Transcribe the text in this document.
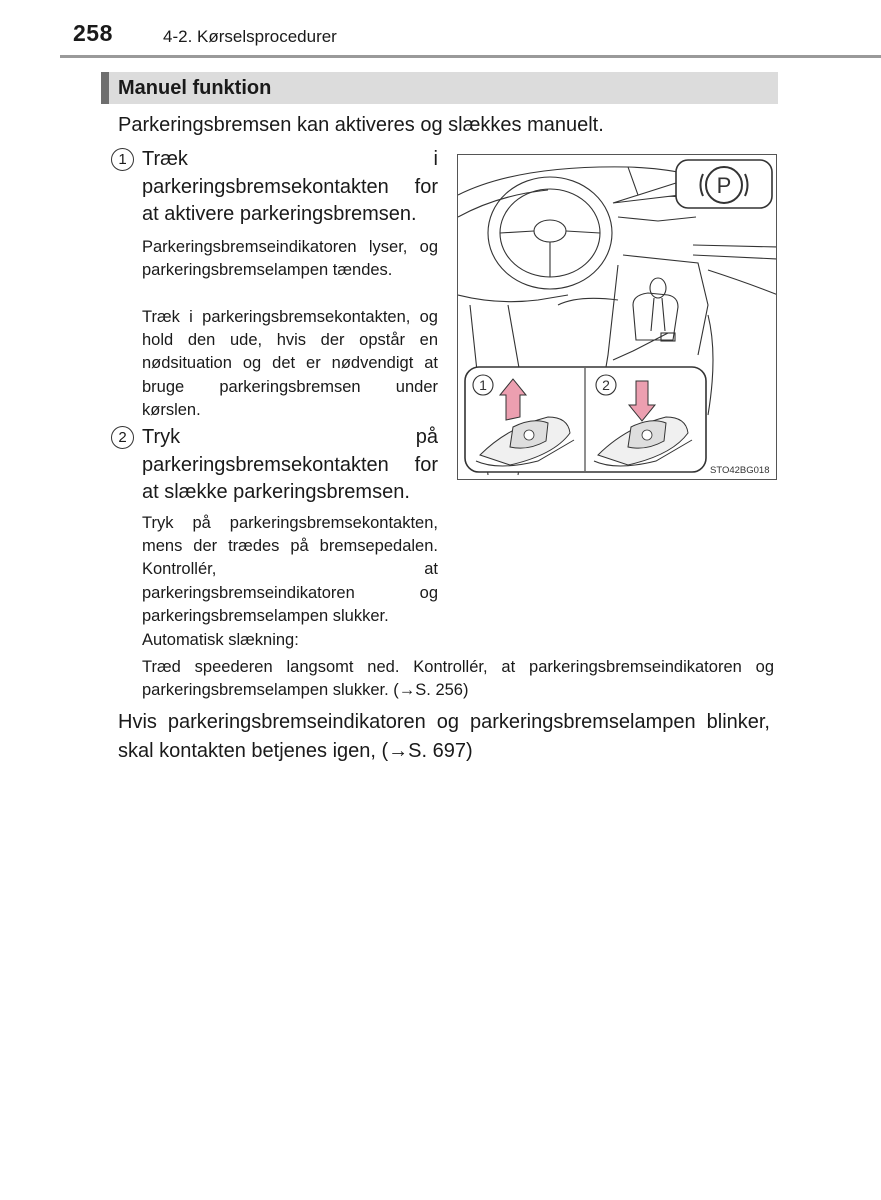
258	4-2. Kørselsprocedurer
Manuel funktion
Parkeringsbremsen kan aktiveres og slækkes manuelt.
1 Træk i parkeringsbremsekontakten for at aktivere parkeringsbremsen.
Parkeringsbremseindikatoren lyser, og parkeringsbremselampen tændes.
Træk i parkeringsbremsekontakten, og hold den ude, hvis der opstår en nødsituation og det er nødvendigt at bruge parkeringsbremsen under kørslen.
2 Tryk på parkeringsbremsekontakten for at slække parkeringsbremsen.
Tryk på parkeringsbremsekontakten, mens der trædes på bremsepedalen. Kontrollér, at parkeringsbremseindikatoren og parkeringsbremselampen slukker.
Automatisk slækning:
Træd speederen langsomt ned. Kontrollér, at parkeringsbremseindikatoren og parkeringsbremselampen slukker. (→S. 256)
Hvis parkeringsbremseindikatoren og parkeringsbremselampen blinker, skal kontakten betjenes igen, (→S. 697)
P
1	2
STO42BG018
